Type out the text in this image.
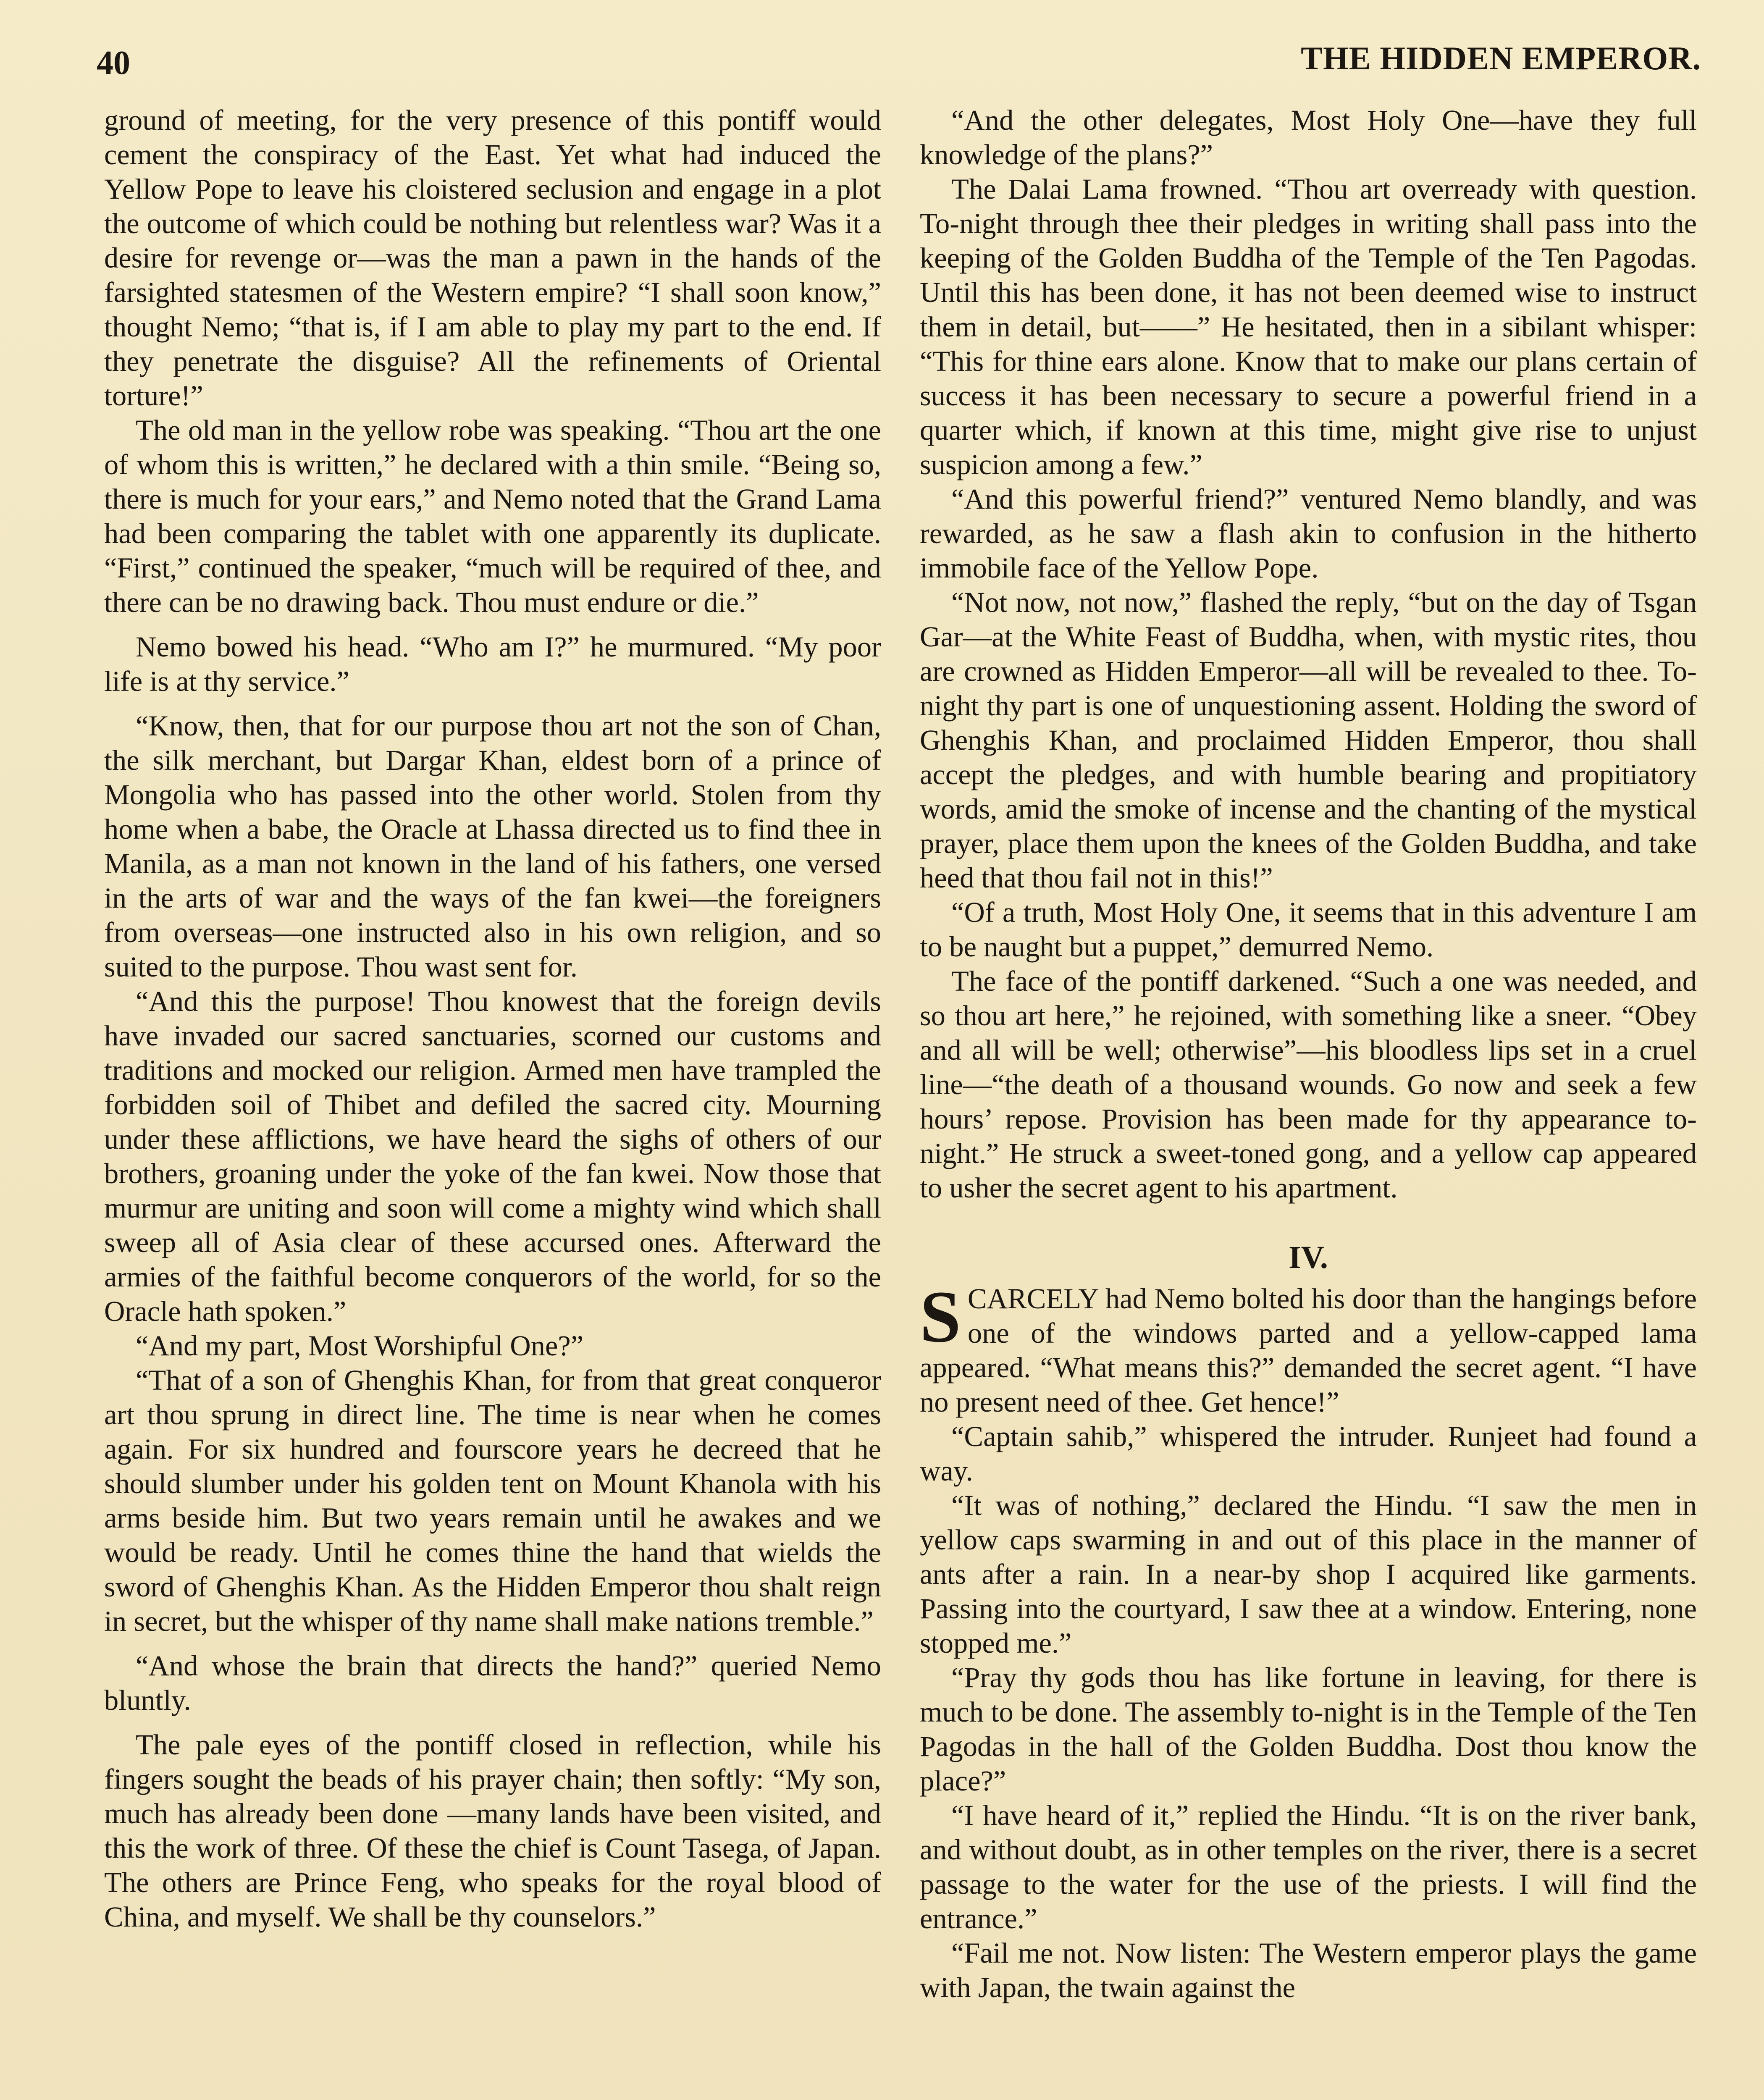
40	THE HIDDEN EMPEROR.

ground of meeting, for the very presence of this pontiff would cement the conspiracy of the East. Yet what had induced the Yellow Pope to leave his cloistered seclusion and engage in a plot the outcome of which could be nothing but relentless war? Was it a desire for revenge or—was the man a pawn in the hands of the farsighted statesmen of the Western empire? “I shall soon know,” thought Nemo; “that is, if I am able to play my part to the end. If they penetrate the disguise? All the refinements of Oriental torture!”

The old man in the yellow robe was speaking. “Thou art the one of whom this is written,” he declared with a thin smile. “Being so, there is much for your ears,” and Nemo noted that the Grand Lama had been comparing the tablet with one apparently its duplicate. “First,” continued the speaker, “much will be required of thee, and there can be no drawing back. Thou must endure or die.”

Nemo bowed his head. “Who am I?” he murmured. “My poor life is at thy service.”

“Know, then, that for our purpose thou art not the son of Chan, the silk merchant, but Dargar Khan, eldest born of a prince of Mongolia who has passed into the other world. Stolen from thy home when a babe, the Oracle at Lhassa directed us to find thee in Manila, as a man not known in the land of his fathers, one versed in the arts of war and the ways of the fan kwei—the foreigners from overseas—one instructed also in his own religion, and so suited to the purpose. Thou wast sent for.

“And this the purpose! Thou knowest that the foreign devils have invaded our sacred sanctuaries, scorned our customs and traditions and mocked our religion. Armed men have trampled the forbidden soil of Thibet and defiled the sacred city. Mourning under these afflictions, we have heard the sighs of others of our brothers, groaning under the yoke of the fan kwei. Now those that murmur are uniting and soon will come a mighty wind which shall sweep all of Asia clear of these accursed ones. Afterward the armies of the faithful become conquerors of the world, for so the Oracle hath spoken.”

“And my part, Most Worshipful One?”

“That of a son of Ghenghis Khan, for from that great conqueror art thou sprung in direct line. The time is near when he comes again. For six hundred and fourscore years he decreed that he should slumber under his golden tent on Mount Khanola with his arms beside him. But two years remain until he awakes and we would be ready. Until he comes thine the hand that wields the sword of Ghenghis Khan. As the Hidden Emperor thou shalt reign in secret, but the whisper of thy name shall make nations tremble.”

“And whose the brain that directs the hand?” queried Nemo bluntly.

The pale eyes of the pontiff closed in reflection, while his fingers sought the beads of his prayer chain; then softly: “My son, much has already been done —many lands have been visited, and this the work of three. Of these the chief is Count Tasega, of Japan. The others are Prince Feng, who speaks for the royal blood of China, and myself. We shall be thy counselors.”

“And the other delegates, Most Holy One—have they full knowledge of the plans?”

The Dalai Lama frowned. “Thou art overready with question. To-night through thee their pledges in writing shall pass into the keeping of the Golden Buddha of the Temple of the Ten Pagodas. Until this has been done, it has not been deemed wise to instruct them in detail, but——” He hesitated, then in a sibilant whisper: “This for thine ears alone. Know that to make our plans certain of success it has been necessary to secure a powerful friend in a quarter which, if known at this time, might give rise to unjust suspicion among a few.”

“And this powerful friend?” ventured Nemo blandly, and was rewarded, as he saw a flash akin to confusion in the hitherto immobile face of the Yellow Pope.

“Not now, not now,” flashed the reply, “but on the day of Tsgan Gar—at the White Feast of Buddha, when, with mystic rites, thou are crowned as Hidden Emperor—all will be revealed to thee. To-night thy part is one of unquestioning assent. Holding the sword of Ghenghis Khan, and proclaimed Hidden Emperor, thou shall accept the pledges, and with humble bearing and propitiatory words, amid the smoke of incense and the chanting of the mystical prayer, place them upon the knees of the Golden Buddha, and take heed that thou fail not in this!”

“Of a truth, Most Holy One, it seems that in this adventure I am to be naught but a puppet,” demurred Nemo.

The face of the pontiff darkened. “Such a one was needed, and so thou art here,” he rejoined, with something like a sneer. “Obey and all will be well; otherwise”—his bloodless lips set in a cruel line—“the death of a thousand wounds. Go now and seek a few hours’ repose. Provision has been made for thy appearance to-night.” He struck a sweet-toned gong, and a yellow cap appeared to usher the secret agent to his apartment.

IV.

SCARCELY had Nemo bolted his door than the hangings before one of the windows parted and a yellow-capped lama appeared. “What means this?” demanded the secret agent. “I have no present need of thee. Get hence!”

“Captain sahib,” whispered the intruder. Runjeet had found a way.

“It was of nothing,” declared the Hindu. “I saw the men in yellow caps swarming in and out of this place in the manner of ants after a rain. In a near-by shop I acquired like garments. Passing into the courtyard, I saw thee at a window. Entering, none stopped me.”

“Pray thy gods thou has like fortune in leaving, for there is much to be done. The assembly to-night is in the Temple of the Ten Pagodas in the hall of the Golden Buddha. Dost thou know the place?”

“I have heard of it,” replied the Hindu. “It is on the river bank, and without doubt, as in other temples on the river, there is a secret passage to the water for the use of the priests. I will find the entrance.”

“Fail me not. Now listen: The Western emperor plays the game with Japan, the twain against the
